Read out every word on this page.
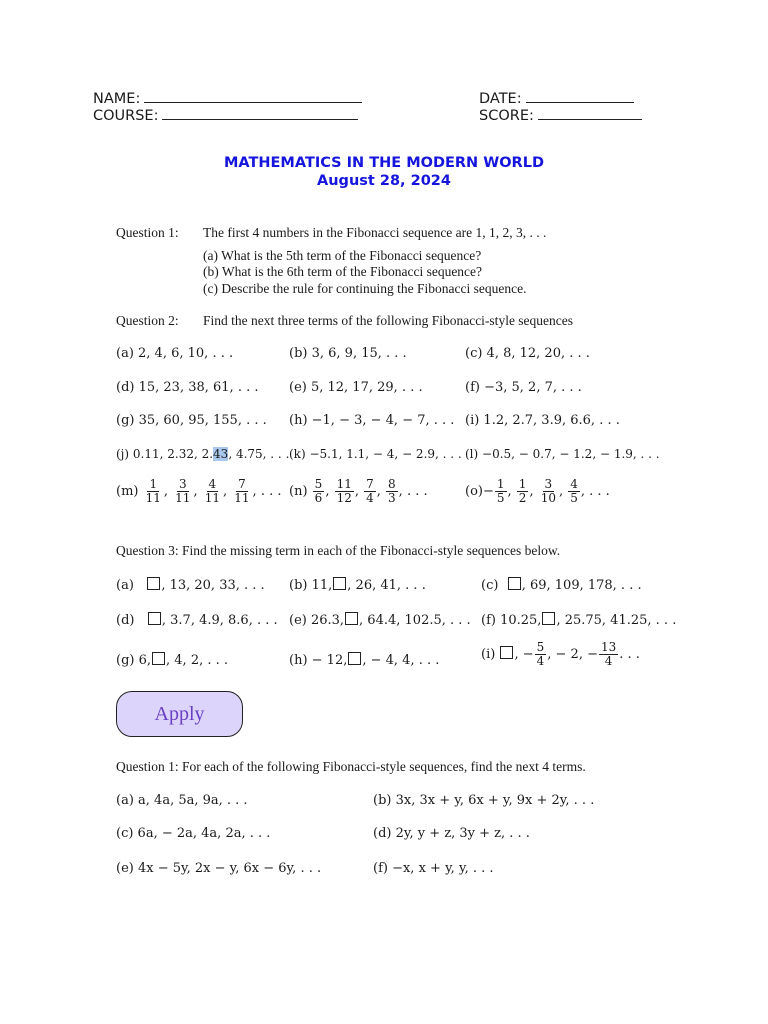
NAME:	DATE:
COURSE:	SCORE:
MATHEMATICS IN THE MODERN WORLD
August 28, 2024
Question 1: The first 4 numbers in the Fibonacci sequence are 1, 1, 2, 3, . . .
(a) What is the 5th term of the Fibonacci sequence?
(b) What is the 6th term of the Fibonacci sequence?
(c) Describe the rule for continuing the Fibonacci sequence.
Question 2: Find the next three terms of the following Fibonacci-style sequences
(a) 2, 4, 6, 10, . . .	(b) 3, 6, 9, 15, . . .	(c) 4, 8, 12, 20, . . .
(d) 15, 23, 38, 61, . . . (e) 5, 12, 17, 29, . . .	(f) −3, 5, 2, 7, . . .
(g) 35, 60, 95, 155, . . . (h) −1, − 3, − 4, − 7, . . . (i) 1.2, 2.7, 3.9, 6.6, . . .
(j) 0.11, 2.32, 2.43, 4.75, . . . (k) −5.1, 1.1, − 4, − 2.9, . . . (l) −0.5, − 0.7, − 1.2, − 1.9, . . .
$(m) \frac{1}{11}$ , $\frac{3}{11}$ , $\frac{4}{11}$ , $\frac{7}{11}$ , . . . $(n) \frac{5}{6}$ , $\frac{11}{12}$ , $\frac{7}{4}$ , $\frac{8}{3}$ , . . .	$(o)- \frac{1}{5}$ , $\frac{1}{2}$ , $\frac{3}{10}$ , $\frac{4}{5}$ , . . .
Question 3: Find the missing term in each of the Fibonacci-style sequences below.
(a) , 13, 20, 33, . . . (b) 11, , 26, 41, . . .	(c) , 69, 109, 178, . . .
(d) , 3.7, 4.9, 8.6, . . . (e) 26.3, , 64.4, 102.5, . . . (f) 10.25, , 25.75, 41.25, . . .
(g) 6, , 4, 2, . . .	(h) − 12, , − 4, 4, . . .	(i) , − $\frac{5}{4}$ , − 2, − $\frac{13}{4}$ . . .
Apply
Question 1: For each of the following Fibonacci-style sequences, find the next 4 terms.
(a) a, 4a, 5a, 9a, . . .	(b) 3x, 3x + y, 6x + y, 9x + 2y, . . .
(c) 6a, − 2a, 4a, 2a, . . .	(d) 2y, y + z, 3y + z, . . .
(e) 4x − 5y, 2x − y, 6x − 6y, . . .	(f) −x, x + y, y, . . .
